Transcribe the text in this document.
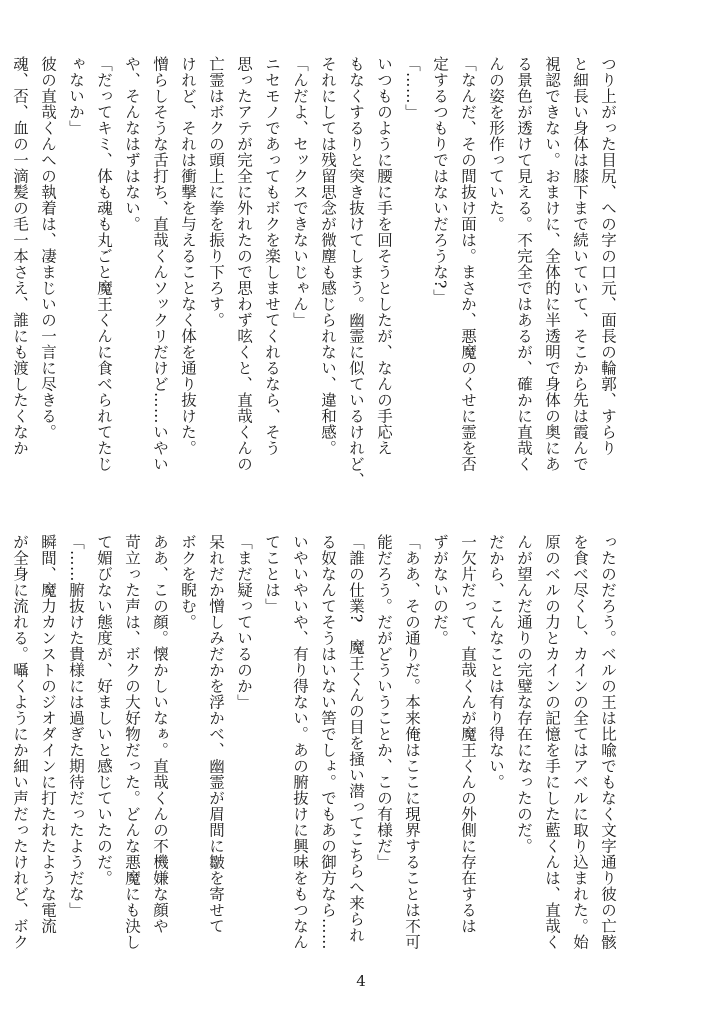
つり上がった目尻、への字の口元、面長の輪郭、すらり
と細長い身体は膝下まで続いていて、そこから先は霞んで
視認できない。おまけに、全体的に半透明で身体の奥にあ
る景色が透けて見える。不完全ではあるが、確かに直哉く
んの姿を形作っていた。
「なんだ、その間抜け面は。まさか、悪魔のくせに霊を否
定するつもりではないだろうな?」
「……」
いつものように腰に手を回そうとしたが、なんの手応え
もなくするりと突き抜けてしまう。幽霊に似ているけれど、
それにしては残留思念が微塵も感じられない、違和感。
「んだよ、セックスできないじゃん」
ニセモノであってもボクを楽しませてくれるなら、そう
思ったアテが完全に外れたので思わず呟くと、直哉くんの
亡霊はボクの頭上に拳を振り下ろす。
けれど、それは衝撃を与えることなく体を通り抜けた。
憎らしそうな舌打ち、直哉くんソックリだけど……いやい
や、そんなはずはない。
「だってキミ、体も魂も丸ごと魔王くんに食べられてたじ
ゃないか」
彼の直哉くんへの執着は、凄まじいの一言に尽きる。
魂、否、血の一滴髪の毛一本さえ、誰にも渡したくなか
ったのだろう。ベルの王は比喩でもなく文字通り彼の亡骸
を食べ尽くし、カインの全てはアベルに取り込まれた。始
原のベルの力とカインの記憶を手にした藍くんは、直哉く
んが望んだ通りの完璧な存在になったのだ。
だから、こんなことは有り得ない。
一欠片だって、直哉くんが魔王くんの外側に存在するは
ずがないのだ。
「ああ、その通りだ。本来俺はここに現界することは不可
能だろう。だがどういうことか、この有様だ」
「誰の仕業?　魔王くんの目を掻い潜ってこちらへ来られ
る奴なんてそうはいない筈でしょ。でもあの御方なら……
いやいやいや、有り得ない。あの腑抜けに興味をもつなん
てことは」
「まだ疑っているのか」
呆れだか憎しみだかを浮かべ、幽霊が眉間に皺を寄せて
ボクを睨む。
ああ、この顔。懐かしいなぁ。直哉くんの不機嫌な顔や
苛立った声は、ボクの大好物だった。どんな悪魔にも決し
て媚びない態度が、好ましいと感じていたのだ。
「……腑抜けた貴様には過ぎた期待だったようだな」
瞬間、魔力カンストのジオダインに打たれたような電流
が全身に流れる。囁くようにか細い声だったけれど、ボク
4
